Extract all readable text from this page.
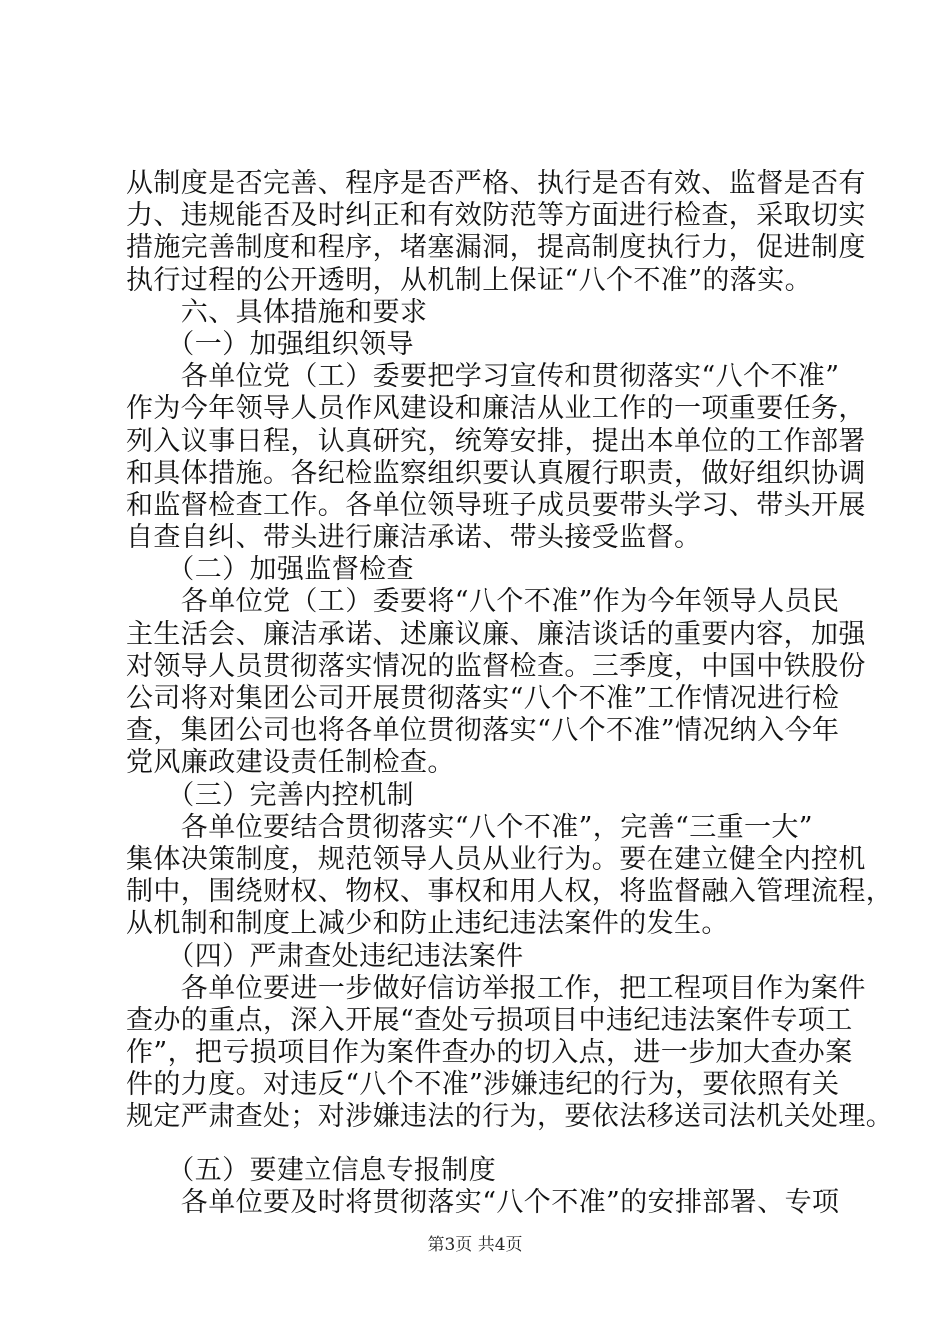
从制度是否完善、程序是否严格、执行是否有效、监督是否有
力、违规能否及时纠正和有效防范等方面进行检查，采取切实
措施完善制度和程序，堵塞漏洞，提高制度执行力，促进制度
执行过程的公开透明，从机制上保证“八个不准”的落实。
　　六、具体措施和要求
　　（一）加强组织领导
　　各单位党（工）委要把学习宣传和贯彻落实“八个不准”
作为今年领导人员作风建设和廉洁从业工作的一项重要任务，
列入议事日程，认真研究，统筹安排，提出本单位的工作部署
和具体措施。各纪检监察组织要认真履行职责，做好组织协调
和监督检查工作。各单位领导班子成员要带头学习、带头开展
自查自纠、带头进行廉洁承诺、带头接受监督。
　　（二）加强监督检查
　　各单位党（工）委要将“八个不准”作为今年领导人员民
主生活会、廉洁承诺、述廉议廉、廉洁谈话的重要内容，加强
对领导人员贯彻落实情况的监督检查。三季度，中国中铁股份
公司将对集团公司开展贯彻落实“八个不准”工作情况进行检
查，集团公司也将各单位贯彻落实“八个不准”情况纳入今年
党风廉政建设责任制检查。
　　（三）完善内控机制
　　各单位要结合贯彻落实“八个不准”，完善“三重一大”
集体决策制度，规范领导人员从业行为。要在建立健全内控机
制中，围绕财权、物权、事权和用人权，将监督融入管理流程，
从机制和制度上减少和防止违纪违法案件的发生。
　　（四）严肃查处违纪违法案件
　　各单位要进一步做好信访举报工作，把工程项目作为案件
查办的重点，深入开展“查处亏损项目中违纪违法案件专项工
作”，把亏损项目作为案件查办的切入点，进一步加大查办案
件的力度。对违反“八个不准”涉嫌违纪的行为，要依照有关
规定严肃查处；对涉嫌违法的行为，要依法移送司法机关处理。
　　（五）要建立信息专报制度
　　各单位要及时将贯彻落实“八个不准”的安排部署、专项
第3页 共4页
